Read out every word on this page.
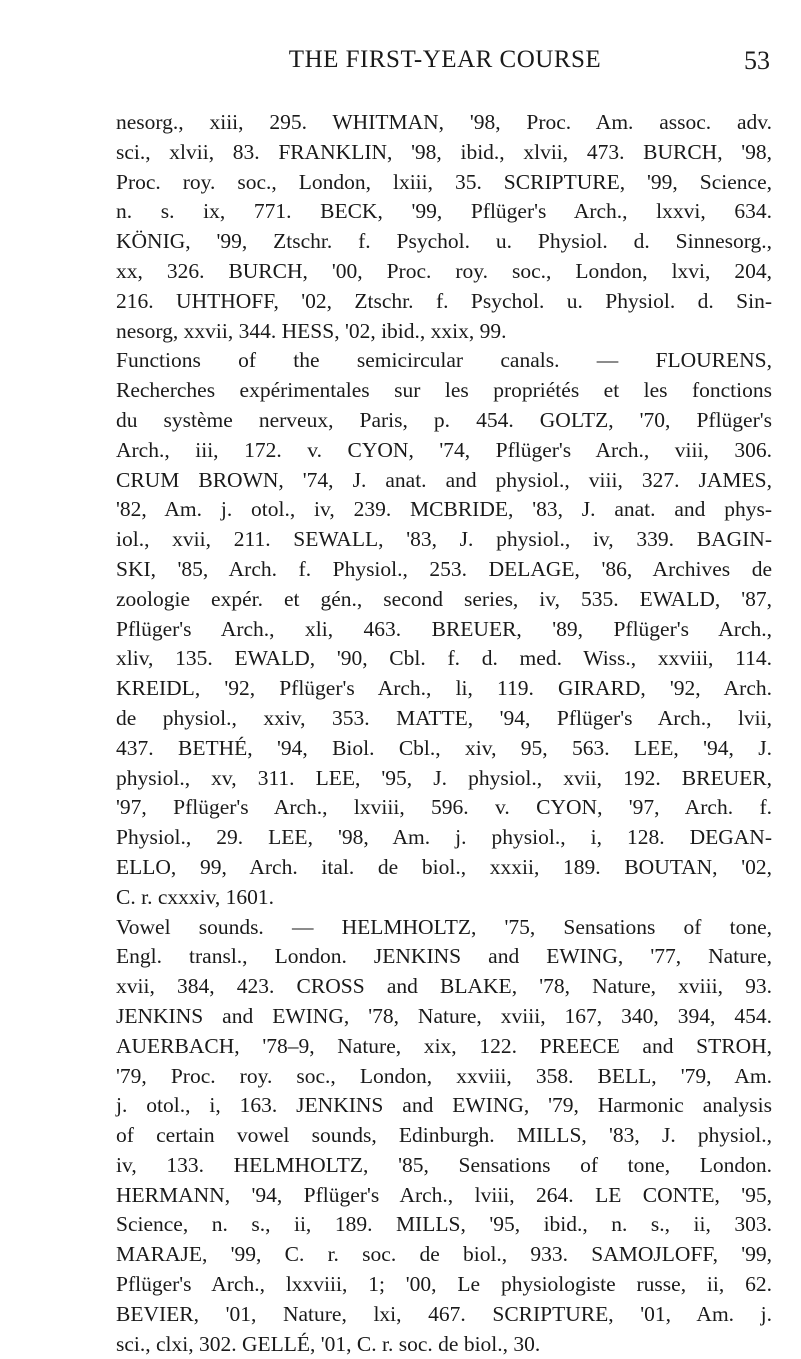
THE FIRST-YEAR COURSE	53
nesorg., xiii, 295. WHITMAN, '98, Proc. Am. assoc. adv.
sci., xlvii, 83. FRANKLIN, '98, ibid., xlvii, 473. BURCH, '98,
Proc. roy. soc., London, lxiii, 35. SCRIPTURE, '99, Science,
n. s. ix, 771. BECK, '99, Pflüger's Arch., lxxvi, 634.
KÖNIG, '99, Ztschr. f. Psychol. u. Physiol. d. Sinnesorg.,
xx, 326. BURCH, '00, Proc. roy. soc., London, lxvi, 204,
216. UHTHOFF, '02, Ztschr. f. Psychol. u. Physiol. d. Sin-
nesorg, xxvii, 344. HESS, '02, ibid., xxix, 99.
Functions of the semicircular canals. — FLOURENS,
Recherches expérimentales sur les propriétés et les fonctions
du système nerveux, Paris, p. 454. GOLTZ, '70, Pflüger's
Arch., iii, 172. v. CYON, '74, Pflüger's Arch., viii, 306.
CRUM BROWN, '74, J. anat. and physiol., viii, 327. JAMES,
'82, Am. j. otol., iv, 239. MCBRIDE, '83, J. anat. and phys-
iol., xvii, 211. SEWALL, '83, J. physiol., iv, 339. BAGIN-
SKI, '85, Arch. f. Physiol., 253. DELAGE, '86, Archives de
zoologie expér. et gén., second series, iv, 535. EWALD, '87,
Pflüger's Arch., xli, 463. BREUER, '89, Pflüger's Arch.,
xliv, 135. EWALD, '90, Cbl. f. d. med. Wiss., xxviii, 114.
KREIDL, '92, Pflüger's Arch., li, 119. GIRARD, '92, Arch.
de physiol., xxiv, 353. MATTE, '94, Pflüger's Arch., lvii,
437. BETHÉ, '94, Biol. Cbl., xiv, 95, 563. LEE, '94, J.
physiol., xv, 311. LEE, '95, J. physiol., xvii, 192. BREUER,
'97, Pflüger's Arch., lxviii, 596. v. CYON, '97, Arch. f.
Physiol., 29. LEE, '98, Am. j. physiol., i, 128. DEGAN-
ELLO, 99, Arch. ital. de biol., xxxii, 189. BOUTAN, '02,
C. r. cxxxiv, 1601.
Vowel sounds. — HELMHOLTZ, '75, Sensations of tone,
Engl. transl., London. JENKINS and EWING, '77, Nature,
xvii, 384, 423. CROSS and BLAKE, '78, Nature, xviii, 93.
JENKINS and EWING, '78, Nature, xviii, 167, 340, 394, 454.
AUERBACH, '78–9, Nature, xix, 122. PREECE and STROH,
'79, Proc. roy. soc., London, xxviii, 358. BELL, '79, Am.
j. otol., i, 163. JENKINS and EWING, '79, Harmonic analysis
of certain vowel sounds, Edinburgh. MILLS, '83, J. physiol.,
iv, 133. HELMHOLTZ, '85, Sensations of tone, London.
HERMANN, '94, Pflüger's Arch., lviii, 264. LE CONTE, '95,
Science, n. s., ii, 189. MILLS, '95, ibid., n. s., ii, 303.
MARAJE, '99, C. r. soc. de biol., 933. SAMOJLOFF, '99,
Pflüger's Arch., lxxviii, 1; '00, Le physiologiste russe, ii, 62.
BEVIER, '01, Nature, lxi, 467. SCRIPTURE, '01, Am. j.
sci., clxi, 302. GELLÉ, '01, C. r. soc. de biol., 30.
